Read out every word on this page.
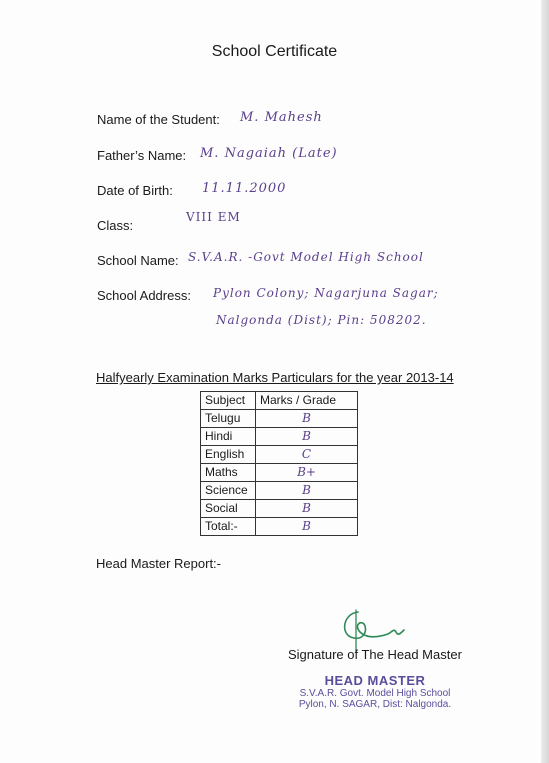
School Certificate
Name of the Student: M. Mahesh
Father’s Name: M. Nagaiah (Late)
Date of Birth: 11.11.2000
Class:
VIII EM
School Name: S.V.A.R. -Govt Model High School
School Address: Pylon Colony; Nagarjuna Sagar;
Nalgonda (Dist); Pin: 508202.
Halfyearly Examination Marks Particulars for the year 2013-14
Subject	Marks / Grade
Telugu	B
Hindi	B
English	C
Maths	B+
Science	B
Social	B
Total:-	B
Head Master Report:-
Signature of The Head Master
HEAD MASTER
S.V.A.R. Govt. Model High School
Pylon, N. SAGAR, Dist: Nalgonda.
